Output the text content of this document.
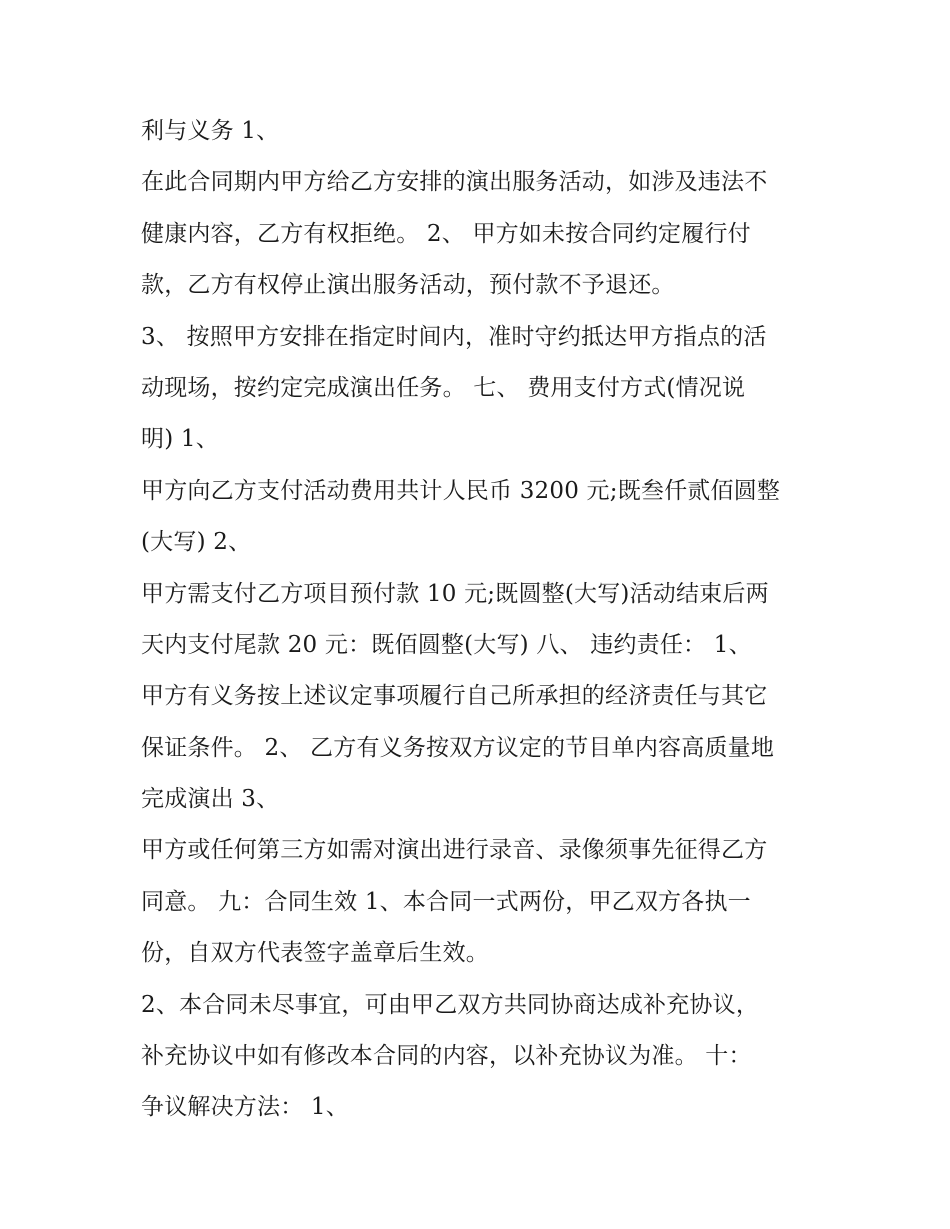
利与义务 1、
在此合同期内甲方给乙方安排的演出服务活动，如涉及违法不
健康内容，乙方有权拒绝。 2、 甲方如未按合同约定履行付
款，乙方有权停止演出服务活动，预付款不予退还。
3、 按照甲方安排在指定时间内，准时守约抵达甲方指点的活
动现场，按约定完成演出任务。 七、 费用支付方式(情况说
明) 1、
甲方向乙方支付活动费用共计人民币 3200 元;既叁仟贰佰圆整
(大写) 2、
甲方需支付乙方项目预付款 10 元;既圆整(大写)活动结束后两
天内支付尾款 20 元：既佰圆整(大写) 八、 违约责任： 1、
甲方有义务按上述议定事项履行自己所承担的经济责任与其它
保证条件。 2、 乙方有义务按双方议定的节目单内容高质量地
完成演出 3、
甲方或任何第三方如需对演出进行录音、录像须事先征得乙方
同意。 九：合同生效 1、本合同一式两份，甲乙双方各执一
份，自双方代表签字盖章后生效。
2、本合同未尽事宜，可由甲乙双方共同协商达成补充协议，
补充协议中如有修改本合同的内容，以补充协议为准。 十：
争议解决方法： 1、
